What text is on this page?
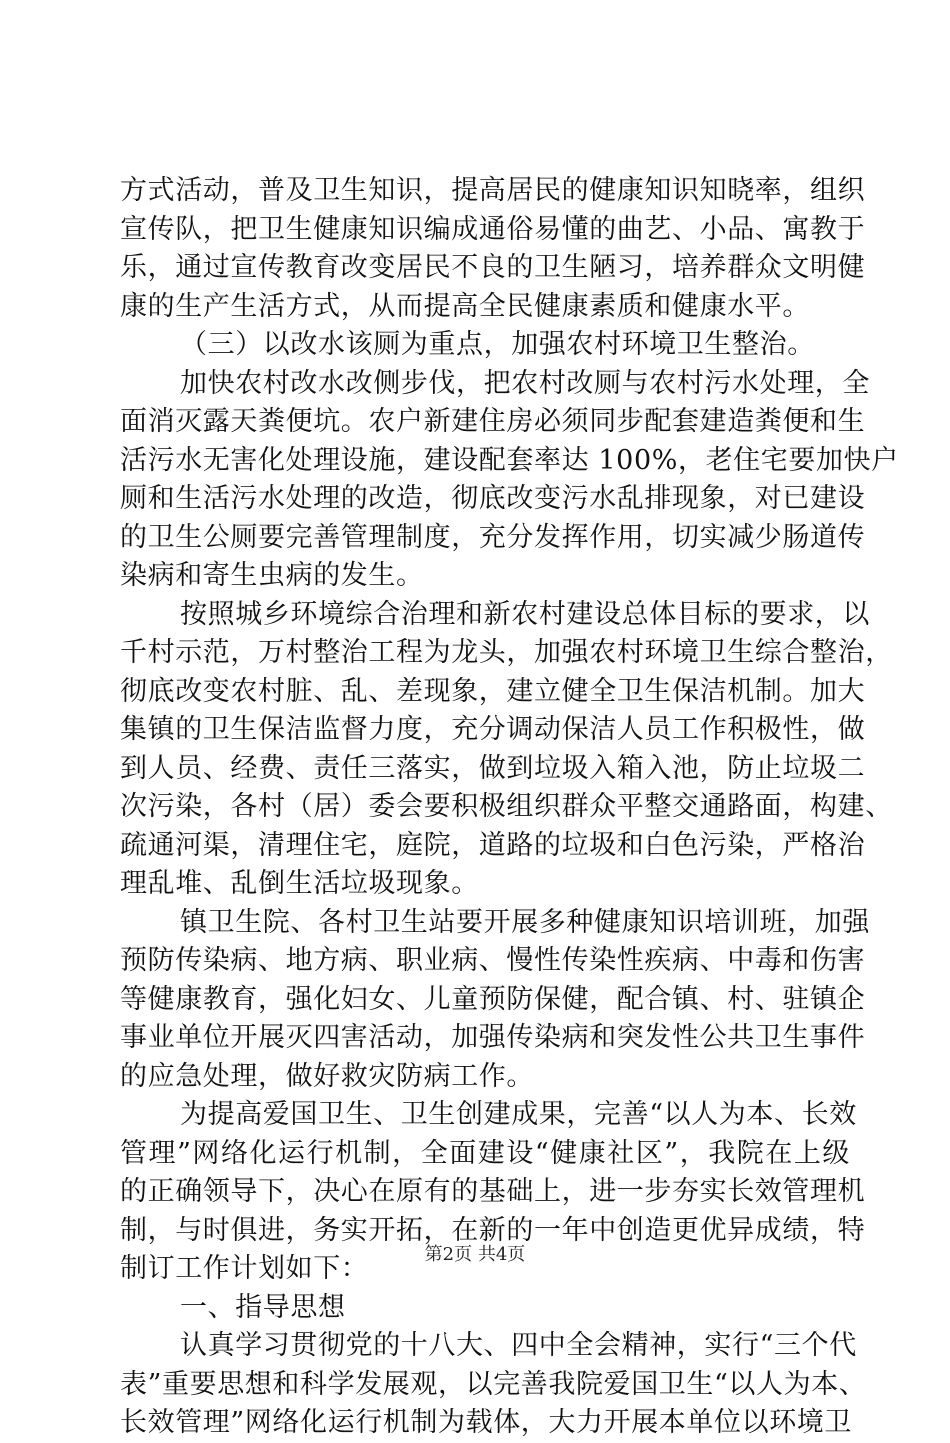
方式活动，普及卫生知识，提高居民的健康知识知晓率，组织
宣传队，把卫生健康知识编成通俗易懂的曲艺、小品、寓教于
乐，通过宣传教育改变居民不良的卫生陋习，培养群众文明健
康的生产生活方式，从而提高全民健康素质和健康水平。
（三）以改水该厕为重点，加强农村环境卫生整治。
加快农村改水改侧步伐，把农村改厕与农村污水处理，全
面消灭露天粪便坑。农户新建住房必须同步配套建造粪便和生
活污水无害化处理设施，建设配套率达 100%，老住宅要加快户
厕和生活污水处理的改造，彻底改变污水乱排现象，对已建设
的卫生公厕要完善管理制度，充分发挥作用，切实减少肠道传
染病和寄生虫病的发生。
按照城乡环境综合治理和新农村建设总体目标的要求，以
千村示范，万村整治工程为龙头，加强农村环境卫生综合整治，
彻底改变农村脏、乱、差现象，建立健全卫生保洁机制。加大
集镇的卫生保洁监督力度，充分调动保洁人员工作积极性，做
到人员、经费、责任三落实，做到垃圾入箱入池，防止垃圾二
次污染，各村（居）委会要积极组织群众平整交通路面，构建、
疏通河渠，清理住宅，庭院，道路的垃圾和白色污染，严格治
理乱堆、乱倒生活垃圾现象。
镇卫生院、各村卫生站要开展多种健康知识培训班，加强
预防传染病、地方病、职业病、慢性传染性疾病、中毒和伤害
等健康教育，强化妇女、儿童预防保健，配合镇、村、驻镇企
事业单位开展灭四害活动，加强传染病和突发性公共卫生事件
的应急处理，做好救灾防病工作。
为提高爱国卫生、卫生创建成果，完善“以人为本、长效
管理”网络化运行机制，全面建设“健康社区”，我院在上级
的正确领导下，决心在原有的基础上，进一步夯实长效管理机
制，与时俱进，务实开拓，在新的一年中创造更优异成绩，特
制订工作计划如下：
一、指导思想
认真学习贯彻党的十八大、四中全会精神，实行“三个代
表”重要思想和科学发展观，以完善我院爱国卫生“以人为本、
长效管理”网络化运行机制为载体，大力开展本单位以环境卫
第2页 共4页
